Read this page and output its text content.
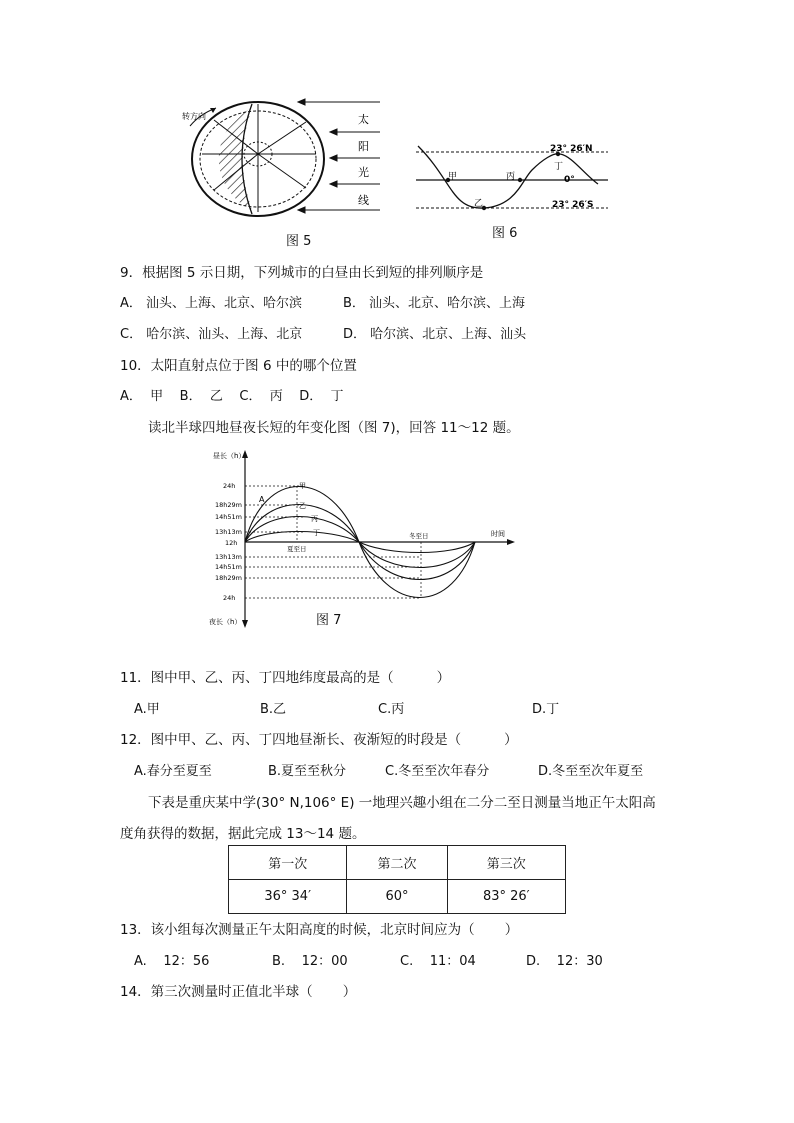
转方向	太
阳
光
线
图 5
23° 26′N
23° 26′S
0°
甲
乙
丙
丁
图 6
9．根据图 5 示日期，下列城市的白昼由长到短的排列顺序是
A． 汕头、上海、北京、哈尔滨	B． 汕头、北京、哈尔滨、上海
C． 哈尔滨、汕头、上海、北京	D． 哈尔滨、北京、上海、汕头
10．太阳直射点位于图 6 中的哪个位置
A．  甲    B．  乙    C．  丙    D．  丁
读北半球四地昼夜长短的年变化图（图 7)，回答 11～12 题。
昼长（h）
夜长（h）
时间
24h
18h29m
14h51m
13h13m
12h
13h13m
14h51m
18h29m
24h
夏至日
冬至日
A
甲
乙
丙
丁
图 7
11．图中甲、乙、丙、丁四地纬度最高的是（          ）
A.甲	B.乙	C.丙	D.丁
12．图中甲、乙、丙、丁四地昼渐长、夜渐短的时段是（          ）
A.春分至夏至	B.夏至至秋分	C.冬至至次年春分	D.冬至至次年夏至
下表是重庆某中学(30° N,106° E) 一地理兴趣小组在二分二至日测量当地正午太阳高
度角获得的数据，据此完成 13～14 题。
第一次	第二次	第三次
36° 34′	60°	83° 26′
13．该小组每次测量正午太阳高度的时候，北京时间应为（       ）
A.    12：56	B.    12：00	C.    11：04	D.    12：30
14．第三次测量时正值北半球（       ）
